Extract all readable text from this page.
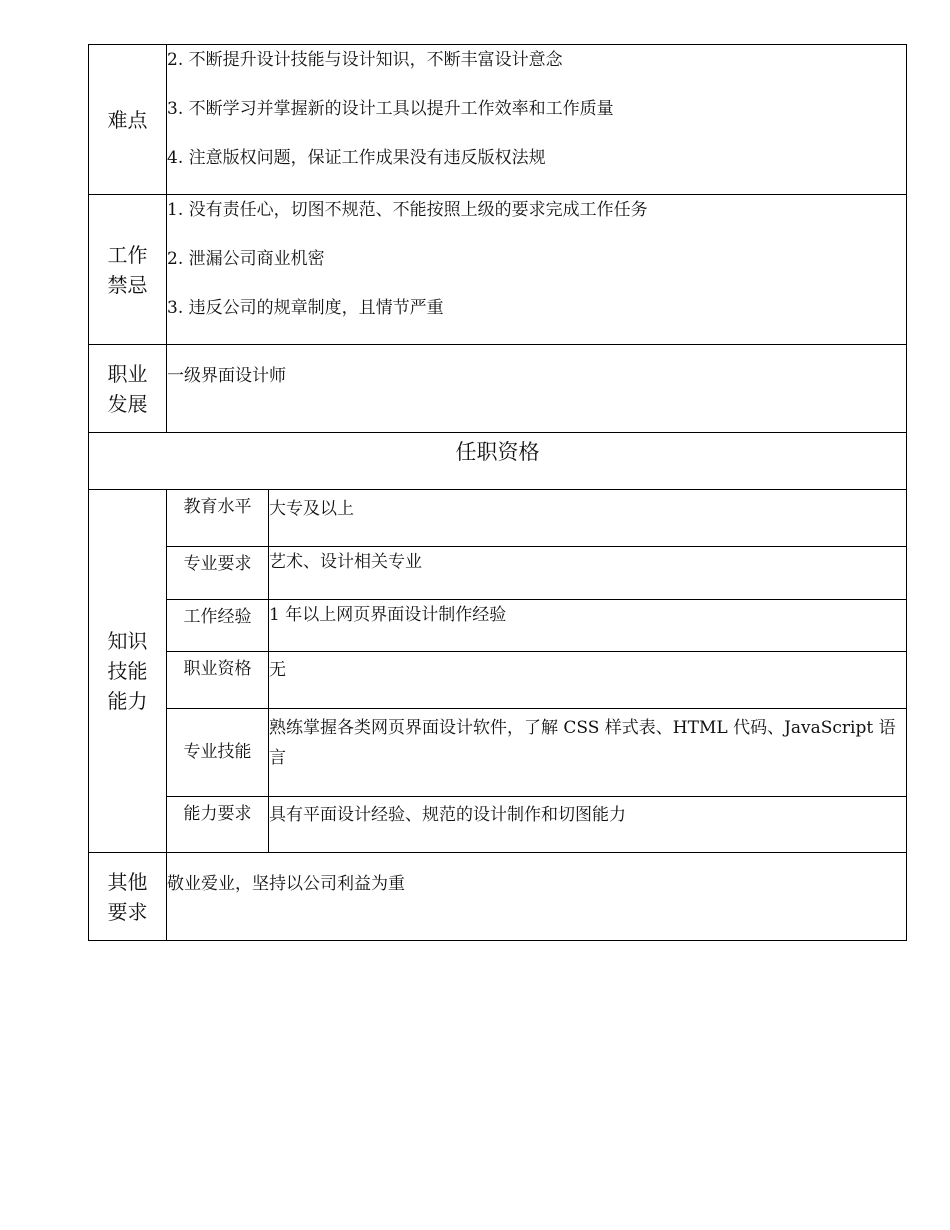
难点	
2. 不断提升设计技能与设计知识，不断丰富设计意念
3. 不断学习并掌握新的设计工具以提升工作效率和工作质量
4. 注意版权问题，保证工作成果没有违反版权法规

工作禁忌	
1. 没有责任心，切图不规范、不能按照上级的要求完成工作任务
2. 泄漏公司商业机密
3. 违反公司的规章制度，且情节严重

职业发展	
一级界面设计师

任职资格
知识技能能力	
教育水平	大专及以上
专业要求	艺术、设计相关专业
工作经验	1 年以上网页界面设计制作经验
职业资格	无
专业技能	熟练掌握各类网页界面设计软件，了解 CSS 样式表、HTML 代码、JavaScript 语言
能力要求	具有平面设计经验、规范的设计制作和切图能力

其他要求	
敬业爱业，坚持以公司利益为重
